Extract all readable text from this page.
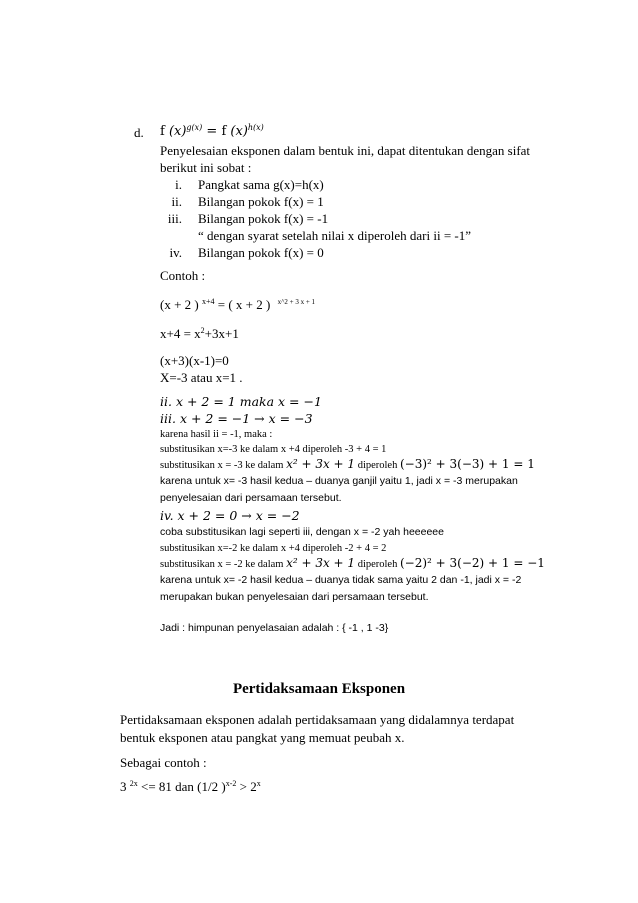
d. f $(x)^{g(x)} = f$ $(x)^{h(x)}$
Penyelesaian eksponen dalam bentuk ini, dapat ditentukan dengan sifat
berikut ini sobat :
i. Pangkat sama g(x)=h(x)
ii. Bilangan pokok f(x) = 1
iii. Bilangan pokok f(x) = -1
“ dengan syarat setelah nilai x diperoleh dari ii = -1”
iv. Bilangan pokok f(x) = 0
Contoh :
(x + 2 ) $^{x+4}$ = ( x + 2 ) $^{x\^{}2 + 3 x + 1}$
$x+4 = x^2+3x+1$
(x+3)(x-1)=0
X=-3 atau x=1 .
ii. x + 2 = 1 maka x = −1
iii. x + 2 = −1 → x = −3
karena hasil ii = -1, maka :
substitusikan x=-3 ke dalam x +4 diperoleh -3 + 4 = 1
substitusikan x = -3 ke dalam x² + 3x + 1 diperoleh (−3)² + 3(−3) + 1 = 1
karena untuk x= -3 hasil kedua – duanya ganjil yaitu 1, jadi x = -3 merupakan
penyelesaian dari persamaan tersebut.
iv. x + 2 = 0 → x = −2
coba substitusikan lagi seperti iii, dengan x = -2 yah heeeeee
substitusikan x=-2 ke dalam x +4 diperoleh -2 + 4 = 2
substitusikan x = -2 ke dalam x² + 3x + 1 diperoleh (−2)² + 3(−2) + 1 = −1
karena untuk x= -2 hasil kedua – duanya tidak sama yaitu 2 dan -1, jadi x = -2
merupakan bukan penyelesaian dari persamaan tersebut.
Jadi : himpunan penyelasaian adalah : { -1 , 1 -3}
Pertidaksamaan Eksponen
Pertidaksamaan eksponen adalah pertidaksamaan yang didalamnya terdapat
bentuk eksponen atau pangkat yang memuat peubah x.
Sebagai contoh :
3 $^{2x}$ <= 81 dan (1/2 )$^{x-2} > 2^x$
